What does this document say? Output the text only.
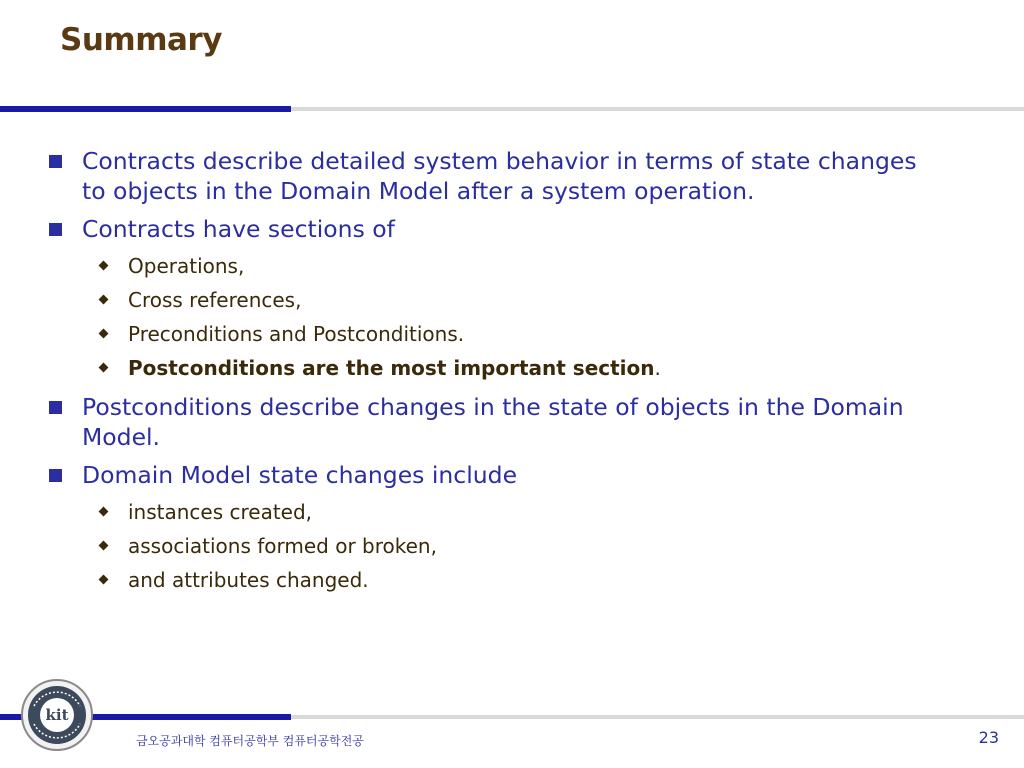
Summary
Contracts describe detailed system behavior in terms of state changes to objects in the Domain Model after a system operation.
Contracts have sections of
Operations,
Cross references,
Preconditions and Postconditions.
Postconditions are the most important section.
Postconditions describe changes in the state of objects in the Domain Model.
Domain Model state changes include
instances created,
associations formed or broken,
and attributes changed.
kit
금오공과대학 컴퓨터공학부 컴퓨터공학전공	23
